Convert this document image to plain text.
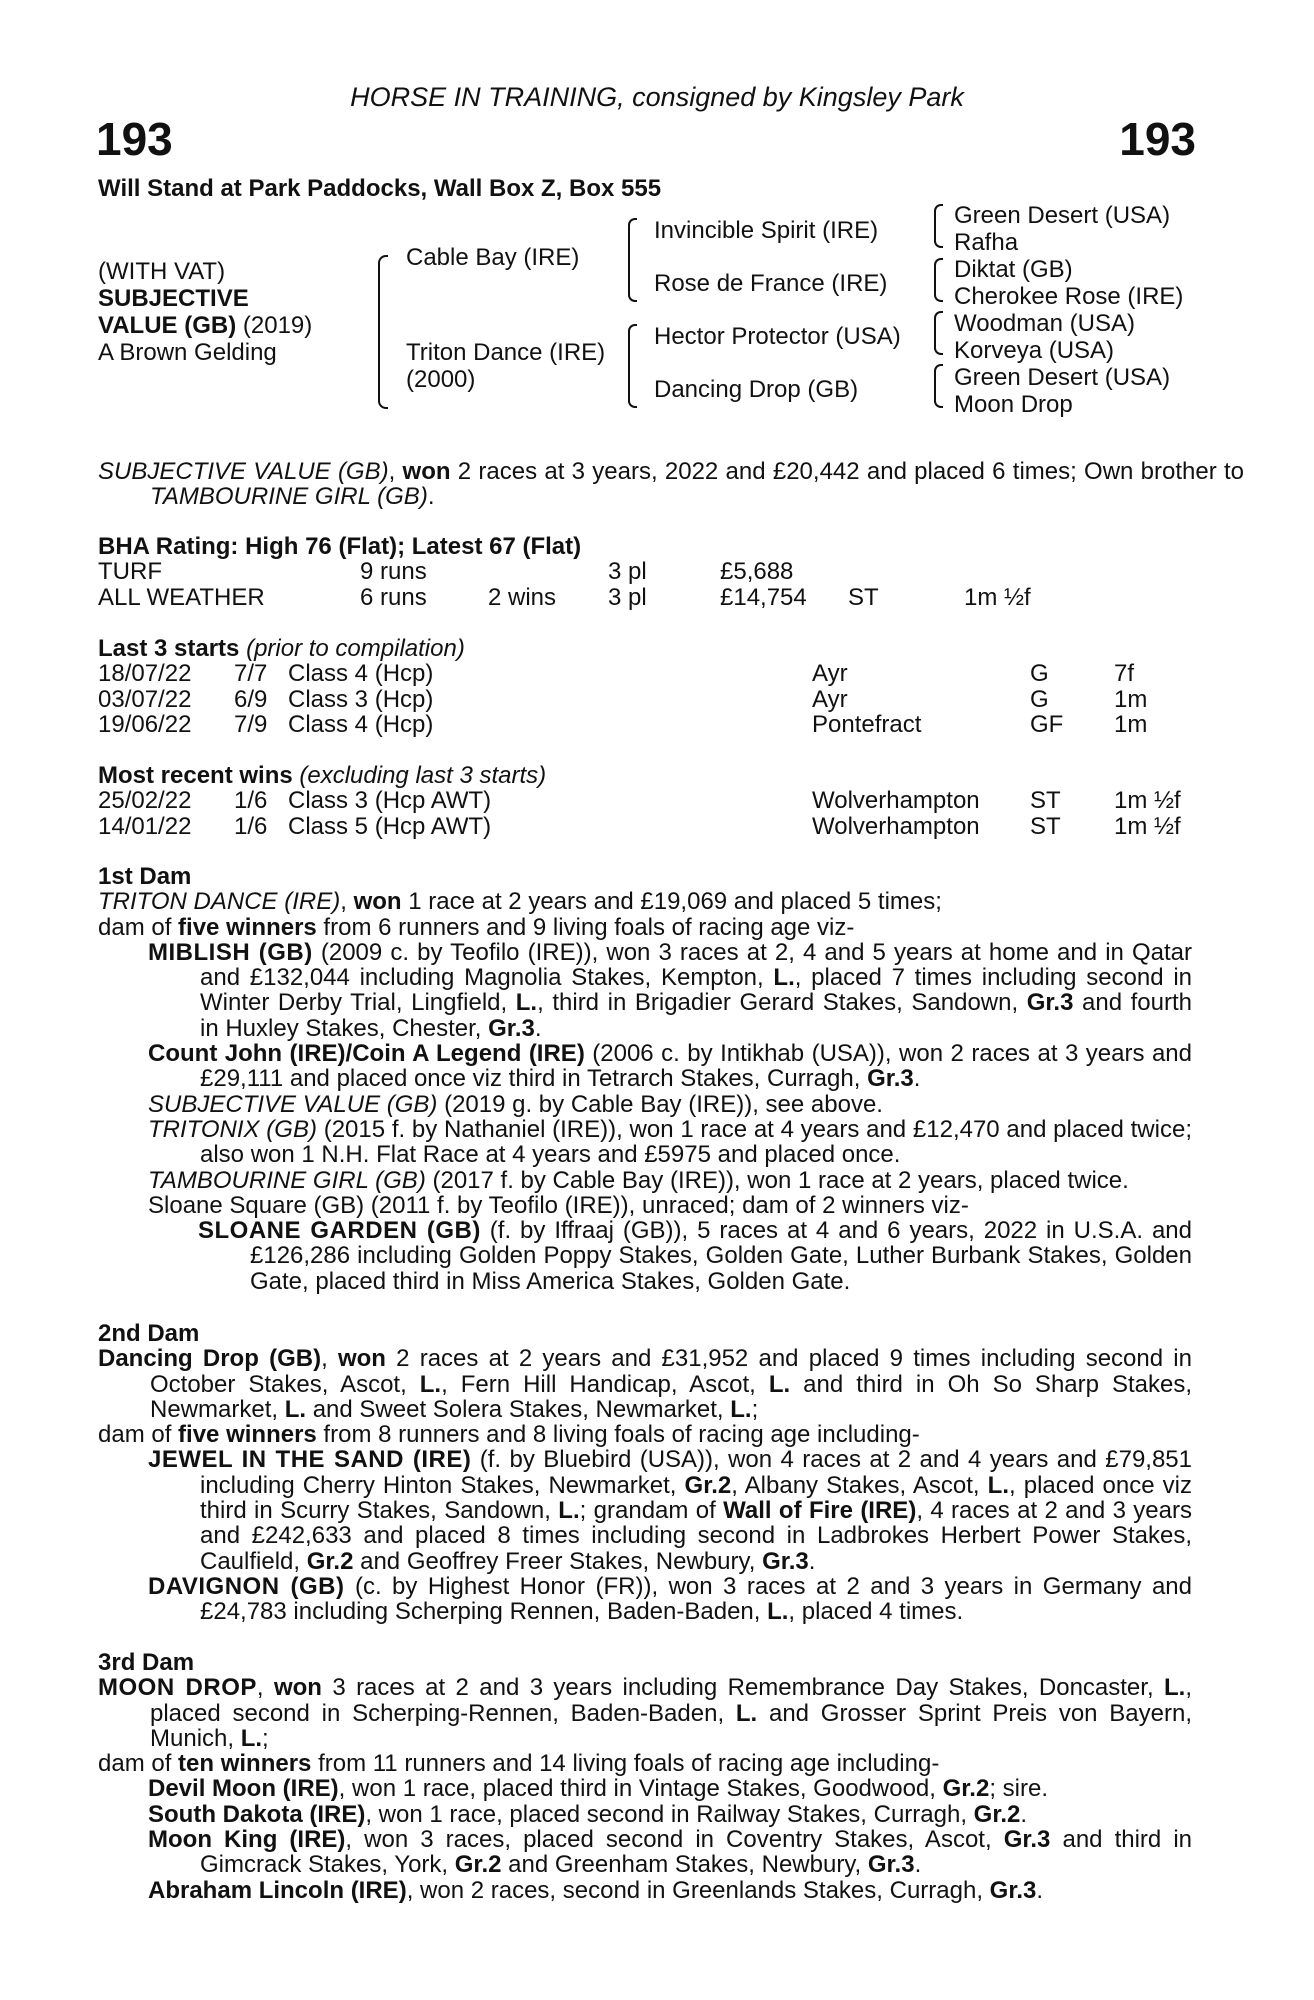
HORSE IN TRAINING, consigned by Kingsley Park
193	193
Will Stand at Park Paddocks, Wall Box Z, Box 555
(WITH VAT)
SUBJECTIVE
VALUE (GB) (2019)
A Brown Gelding
Cable Bay (IRE)
Triton Dance (IRE)
(2000)
Invincible Spirit (IRE)
Rose de France (IRE)
Hector Protector (USA)
Dancing Drop (GB)
Green Desert (USA)
Rafha
Diktat (GB)
Cherokee Rose (IRE)
Woodman (USA)
Korveya (USA)
Green Desert (USA)
Moon Drop
SUBJECTIVE VALUE (GB), won 2 races at 3 years, 2022 and £20,442 and placed 6 times; Own brother to TAMBOURINE GIRL (GB).
BHA Rating: High 76 (Flat); Latest 67 (Flat)
TURF	9 runs	3 pl	£5,688
ALL WEATHER	6 runs	2 wins 3 pl	£14,754 ST	1m ½f
Last 3 starts (prior to compilation)
18/07/22 7/7 Class 4 (Hcp)	Ayr	G	7f
03/07/22 6/9 Class 3 (Hcp)	Ayr	G	1m
19/06/22 7/9 Class 4 (Hcp)	Pontefract	GF 1m
Most recent wins (excluding last 3 starts)
25/02/22 1/6 Class 3 (Hcp AWT)	Wolverhampton ST 1m ½f
14/01/22 1/6 Class 5 (Hcp AWT)	Wolverhampton ST 1m ½f
1st Dam
TRITON DANCE (IRE), won 1 race at 2 years and £19,069 and placed 5 times;
dam of five winners from 6 runners and 9 living foals of racing age viz-
MIBLISH (GB) (2009 c. by Teofilo (IRE)), won 3 races at 2, 4 and 5 years at home and in Qatar and £132,044 including Magnolia Stakes, Kempton, L., placed 7 times including second in Winter Derby Trial, Lingfield, L., third in Brigadier Gerard Stakes, Sandown, Gr.3 and fourth in Huxley Stakes, Chester, Gr.3.
Count John (IRE)/Coin A Legend (IRE) (2006 c. by Intikhab (USA)), won 2 races at 3 years and £29,111 and placed once viz third in Tetrarch Stakes, Curragh, Gr.3.
SUBJECTIVE VALUE (GB) (2019 g. by Cable Bay (IRE)), see above.
TRITONIX (GB) (2015 f. by Nathaniel (IRE)), won 1 race at 4 years and £12,470 and placed twice; also won 1 N.H. Flat Race at 4 years and £5975 and placed once.
TAMBOURINE GIRL (GB) (2017 f. by Cable Bay (IRE)), won 1 race at 2 years, placed twice.
Sloane Square (GB) (2011 f. by Teofilo (IRE)), unraced; dam of 2 winners viz-
SLOANE GARDEN (GB) (f. by Iffraaj (GB)), 5 races at 4 and 6 years, 2022 in U.S.A. and £126,286 including Golden Poppy Stakes, Golden Gate, Luther Burbank Stakes, Golden Gate, placed third in Miss America Stakes, Golden Gate.
2nd Dam
Dancing Drop (GB), won 2 races at 2 years and £31,952 and placed 9 times including second in October Stakes, Ascot, L., Fern Hill Handicap, Ascot, L. and third in Oh So Sharp Stakes, Newmarket, L. and Sweet Solera Stakes, Newmarket, L.;
dam of five winners from 8 runners and 8 living foals of racing age including-
JEWEL IN THE SAND (IRE) (f. by Bluebird (USA)), won 4 races at 2 and 4 years and £79,851 including Cherry Hinton Stakes, Newmarket, Gr.2, Albany Stakes, Ascot, L., placed once viz third in Scurry Stakes, Sandown, L.; grandam of Wall of Fire (IRE), 4 races at 2 and 3 years and £242,633 and placed 8 times including second in Ladbrokes Herbert Power Stakes, Caulfield, Gr.2 and Geoffrey Freer Stakes, Newbury, Gr.3.
DAVIGNON (GB) (c. by Highest Honor (FR)), won 3 races at 2 and 3 years in Germany and £24,783 including Scherping Rennen, Baden-Baden, L., placed 4 times.
3rd Dam
MOON DROP, won 3 races at 2 and 3 years including Remembrance Day Stakes, Doncaster, L., placed second in Scherping-Rennen, Baden-Baden, L. and Grosser Sprint Preis von Bayern, Munich, L.;
dam of ten winners from 11 runners and 14 living foals of racing age including-
Devil Moon (IRE), won 1 race, placed third in Vintage Stakes, Goodwood, Gr.2; sire.
South Dakota (IRE), won 1 race, placed second in Railway Stakes, Curragh, Gr.2.
Moon King (IRE), won 3 races, placed second in Coventry Stakes, Ascot, Gr.3 and third in Gimcrack Stakes, York, Gr.2 and Greenham Stakes, Newbury, Gr.3.
Abraham Lincoln (IRE), won 2 races, second in Greenlands Stakes, Curragh, Gr.3.
